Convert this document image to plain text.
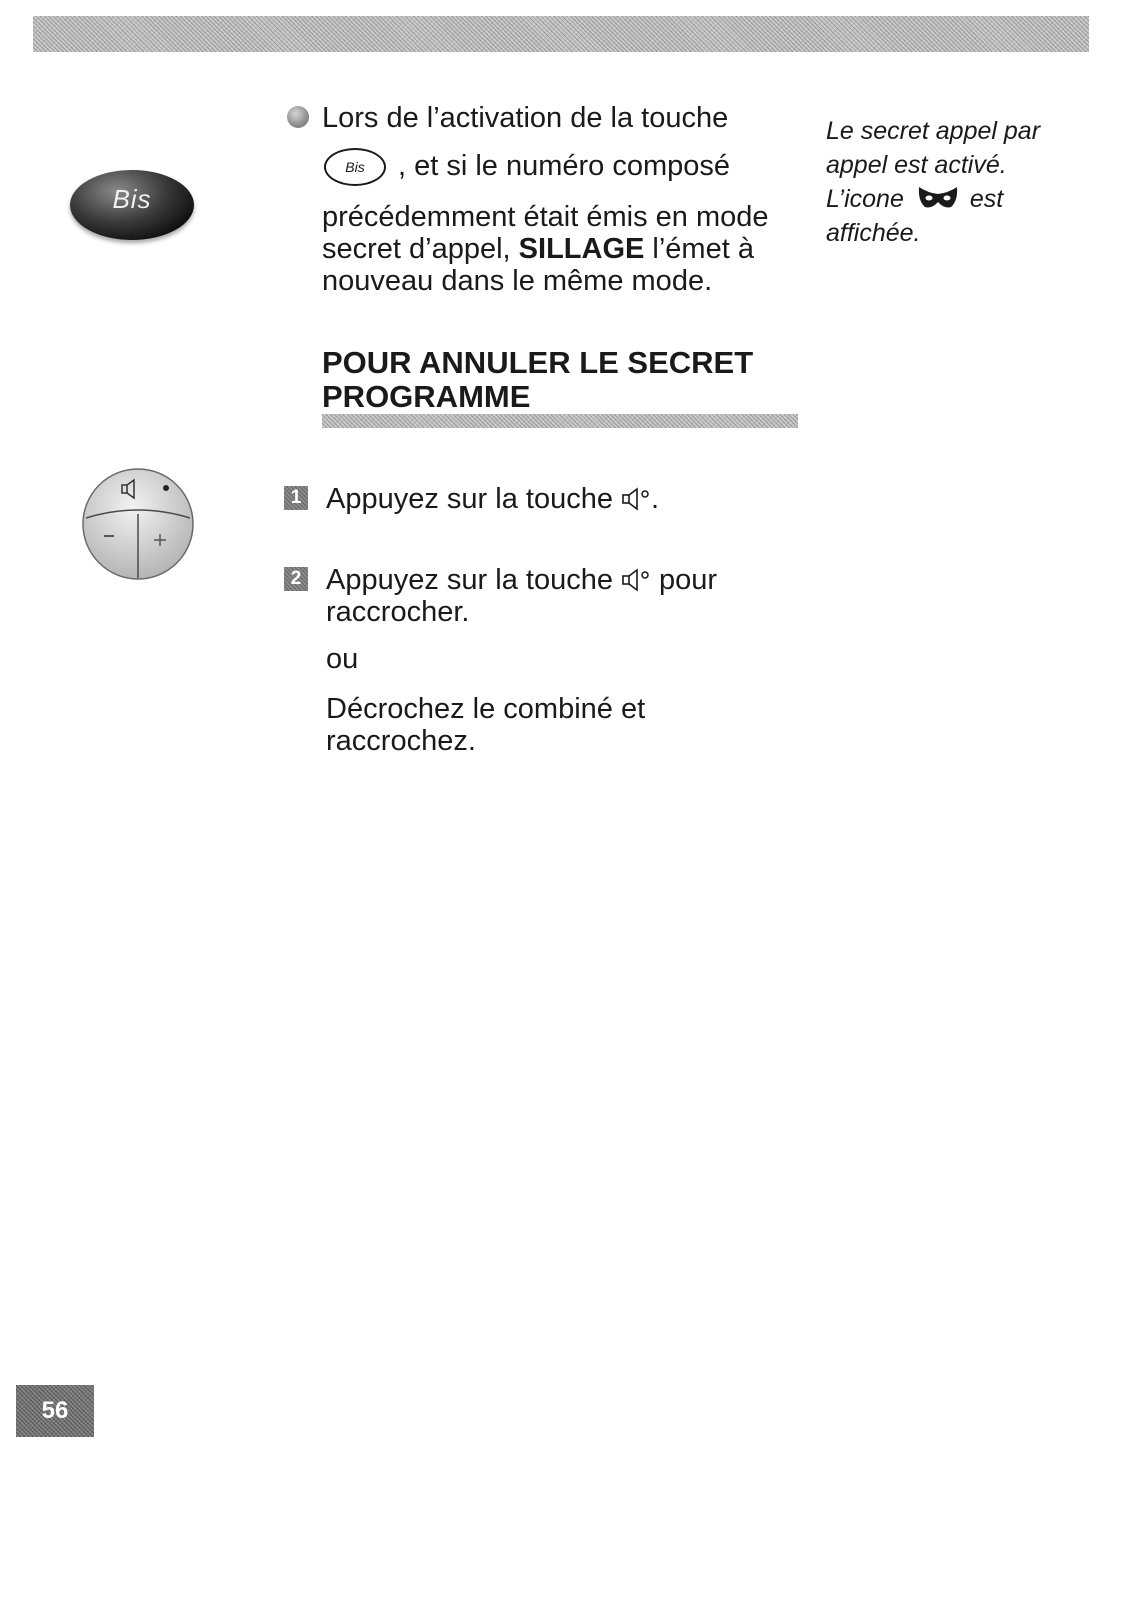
Bis
Lors de l’activation de la touche
Bis	, et si le numéro composé
précédemment était émis en mode secret d’appel, SILLAGE l’émet à nouveau dans le même mode.
Le secret appel par appel est activé.
L’icone	est
affichée.
POUR ANNULER LE SECRET PROGRAMME
1 Appuyez sur la touche .
2 Appuyez sur la touche pour raccrocher.
ou
Décrochez le combiné et raccrochez.
56
